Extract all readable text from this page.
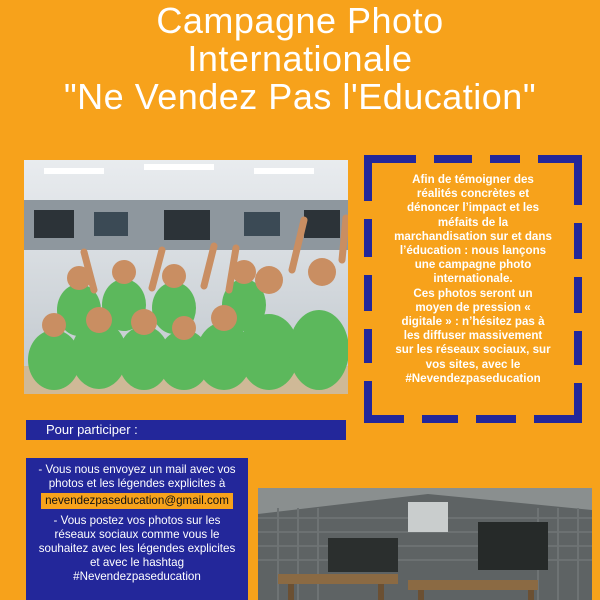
Campagne Photo
Internationale
"Ne Vendez Pas l'Education"
Afin de témoigner des
réalités concrètes et
dénoncer l’impact et les
méfaits de la
marchandisation sur et dans
l’éducation : nous lançons
une campagne photo
internationale.
Ces photos seront un
moyen de pression «
digitale » : n’hésitez pas à
les diffuser massivement
sur les réseaux sociaux, sur
vos sites, avec le
#Nevendezpaseducation
Pour participer :
- Vous nous envoyez un mail avec vos
photos et les légendes explicites à
nevendezpaseducation@gmail.com
- Vous postez vos photos sur les
réseaux sociaux comme vous le
souhaitez avec les légendes explicites
et avec le hashtag
#Nevendezpaseducation
